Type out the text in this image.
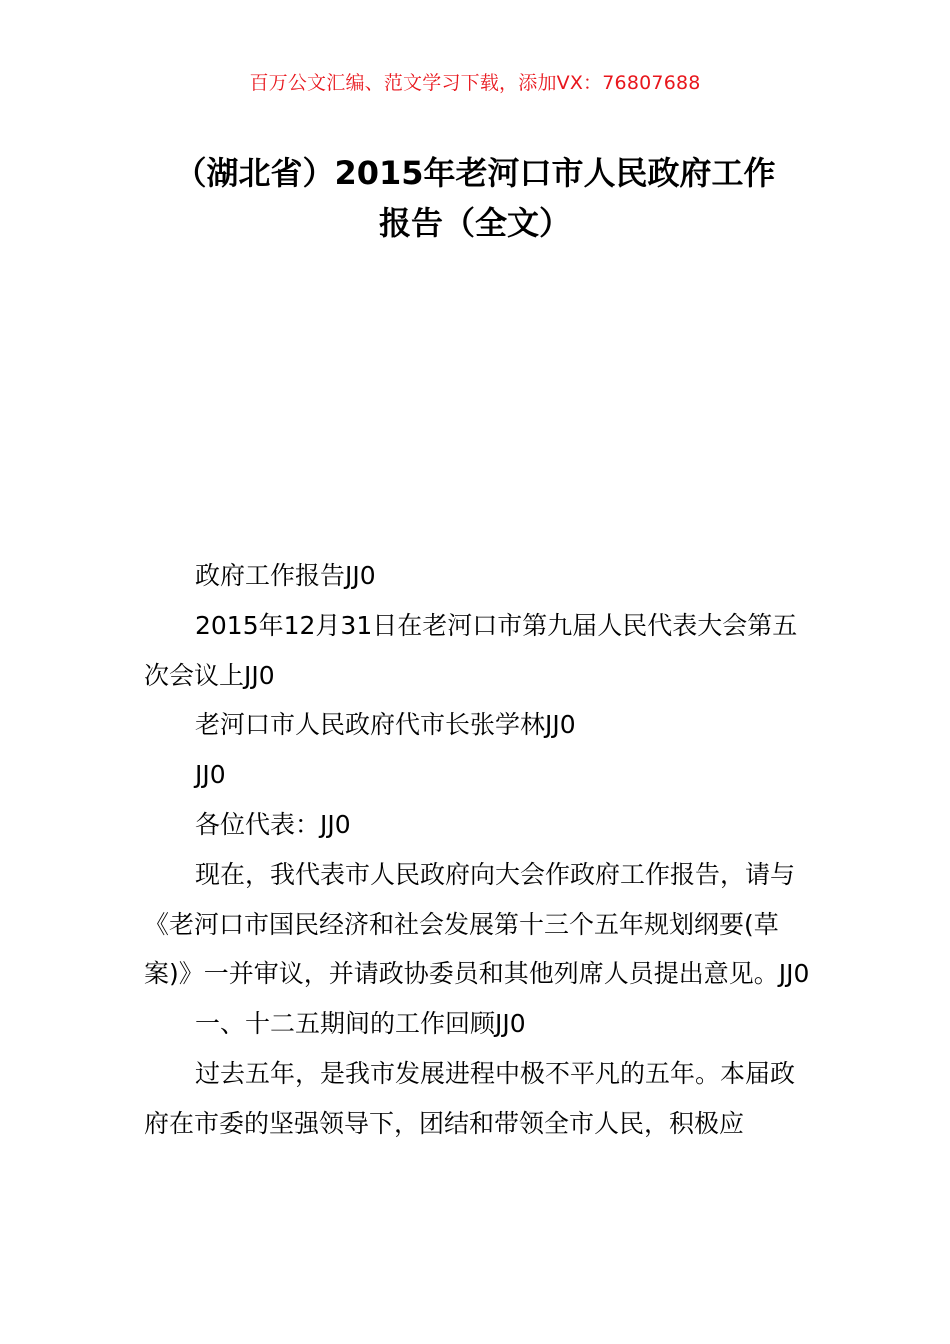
百万公文汇编、范文学习下载，添加VX：76807688
（湖北省）2015年老河口市人民政府工作
报告（全文）

政府工作报告JJ0

2015年12月31日在老河口市第九届人民代表大会第五次会议上JJ0

老河口市人民政府代市长张学林JJ0

JJ0

各位代表：JJ0

现在，我代表市人民政府向大会作政府工作报告，请与《老河口市国民经济和社会发展第十三个五年规划纲要(草案)》一并审议，并请政协委员和其他列席人员提出意见。JJ0

一、十二五期间的工作回顾JJ0

过去五年，是我市发展进程中极不平凡的五年。本届政府在市委的坚强领导下，团结和带领全市人民，积极应
